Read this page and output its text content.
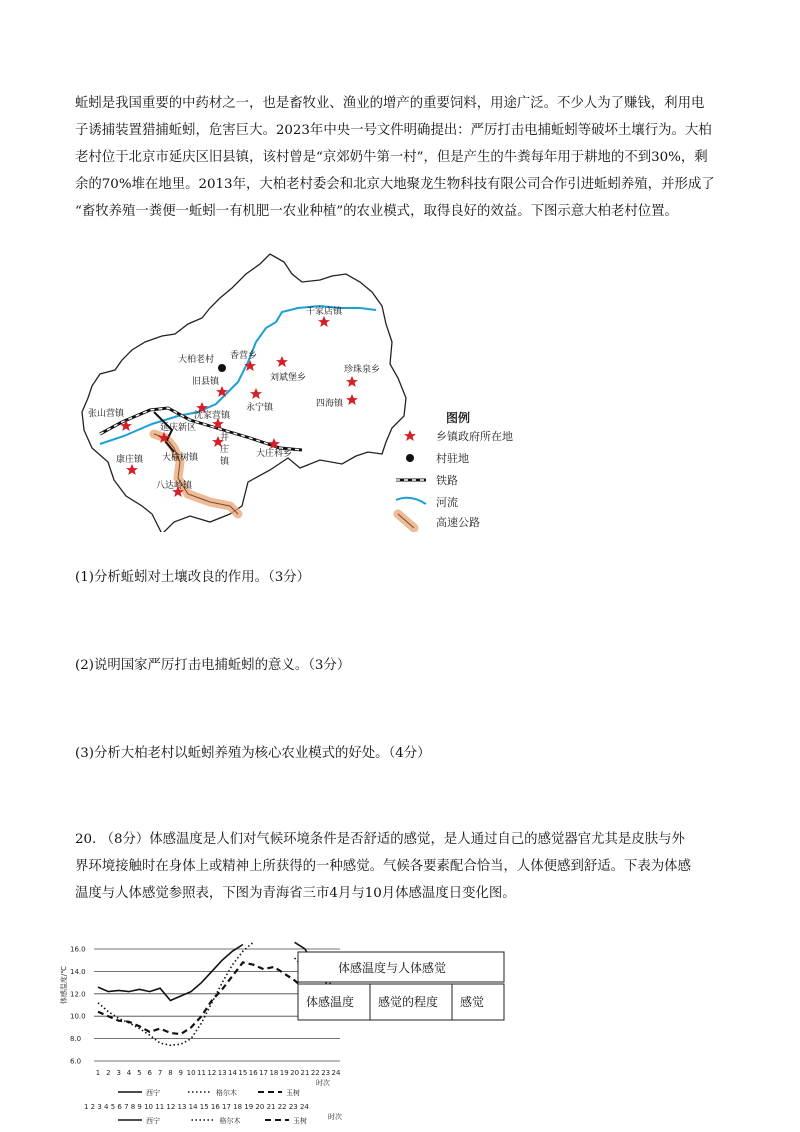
蚯蚓是我国重要的中药材之一，也是畜牧业、渔业的增产的重要饲料，用途广泛。不少人为了赚钱，利用电
子诱捕装置猎捕蚯蚓，危害巨大。2023年中央一号文件明确提出：严厉打击电捕蚯蚓等破坏土壤行为。大柏
老村位于北京市延庆区旧县镇，该村曾是“京郊奶牛第一村”，但是产生的牛粪每年用于耕地的不到30%，剩
余的70%堆在地里。2013年，大柏老村委会和北京大地聚龙生物科技有限公司合作引进蚯蚓养殖，并形成了
“畜牧养殖一粪便一蚯蚓一有机肥一农业种植”的农业模式，取得良好的效益。下图示意大柏老村位置。
千家店镇
大柏老村 香营乡
旧县镇	刘斌堡乡
珍珠泉乡
张山营镇	沈家营镇
永宁镇	四海镇
延庆新区
井
庄
镇
大庄科乡
康庄镇 大榆树镇
八达岭镇
图例
乡镇政府所在地
村驻地
铁路
河流
高速公路

(1)分析蚯蚓对土壤改良的作用。（3分）

(2)说明国家严厉打击电捕蚯蚓的意义。（3分）

(3)分析大柏老村以蚯蚓养殖为核心农业模式的好处。（4分）

20. （8分）体感温度是人们对气候环境条件是否舒适的感觉，是人通过自己的感觉器官尤其是皮肤与外
界环境接触时在身体上或精神上所获得的一种感觉。气候各要素配合恰当，人体便感到舒适。下表为体感
温度与人体感觉参照表，下图为青海省三市4月与10月体感温度日变化图。
16.0
14.0
12.0
10.0
8.0
6.0
体感温度/℃
1 2 3 4 5 6 7 8 9 10 11 12 13 14 15 16 17 18 19 20 21 22 23 24
时次
西宁	格尔木	玉树
1 2 3 4 5 6 7 8 9 10 11 12 13 14 15 16 17 18 19 20 21 22 23 24
西宁	格尔木	玉树	时次
体感温度与人体感觉
体感温度 感觉的程度 感觉
